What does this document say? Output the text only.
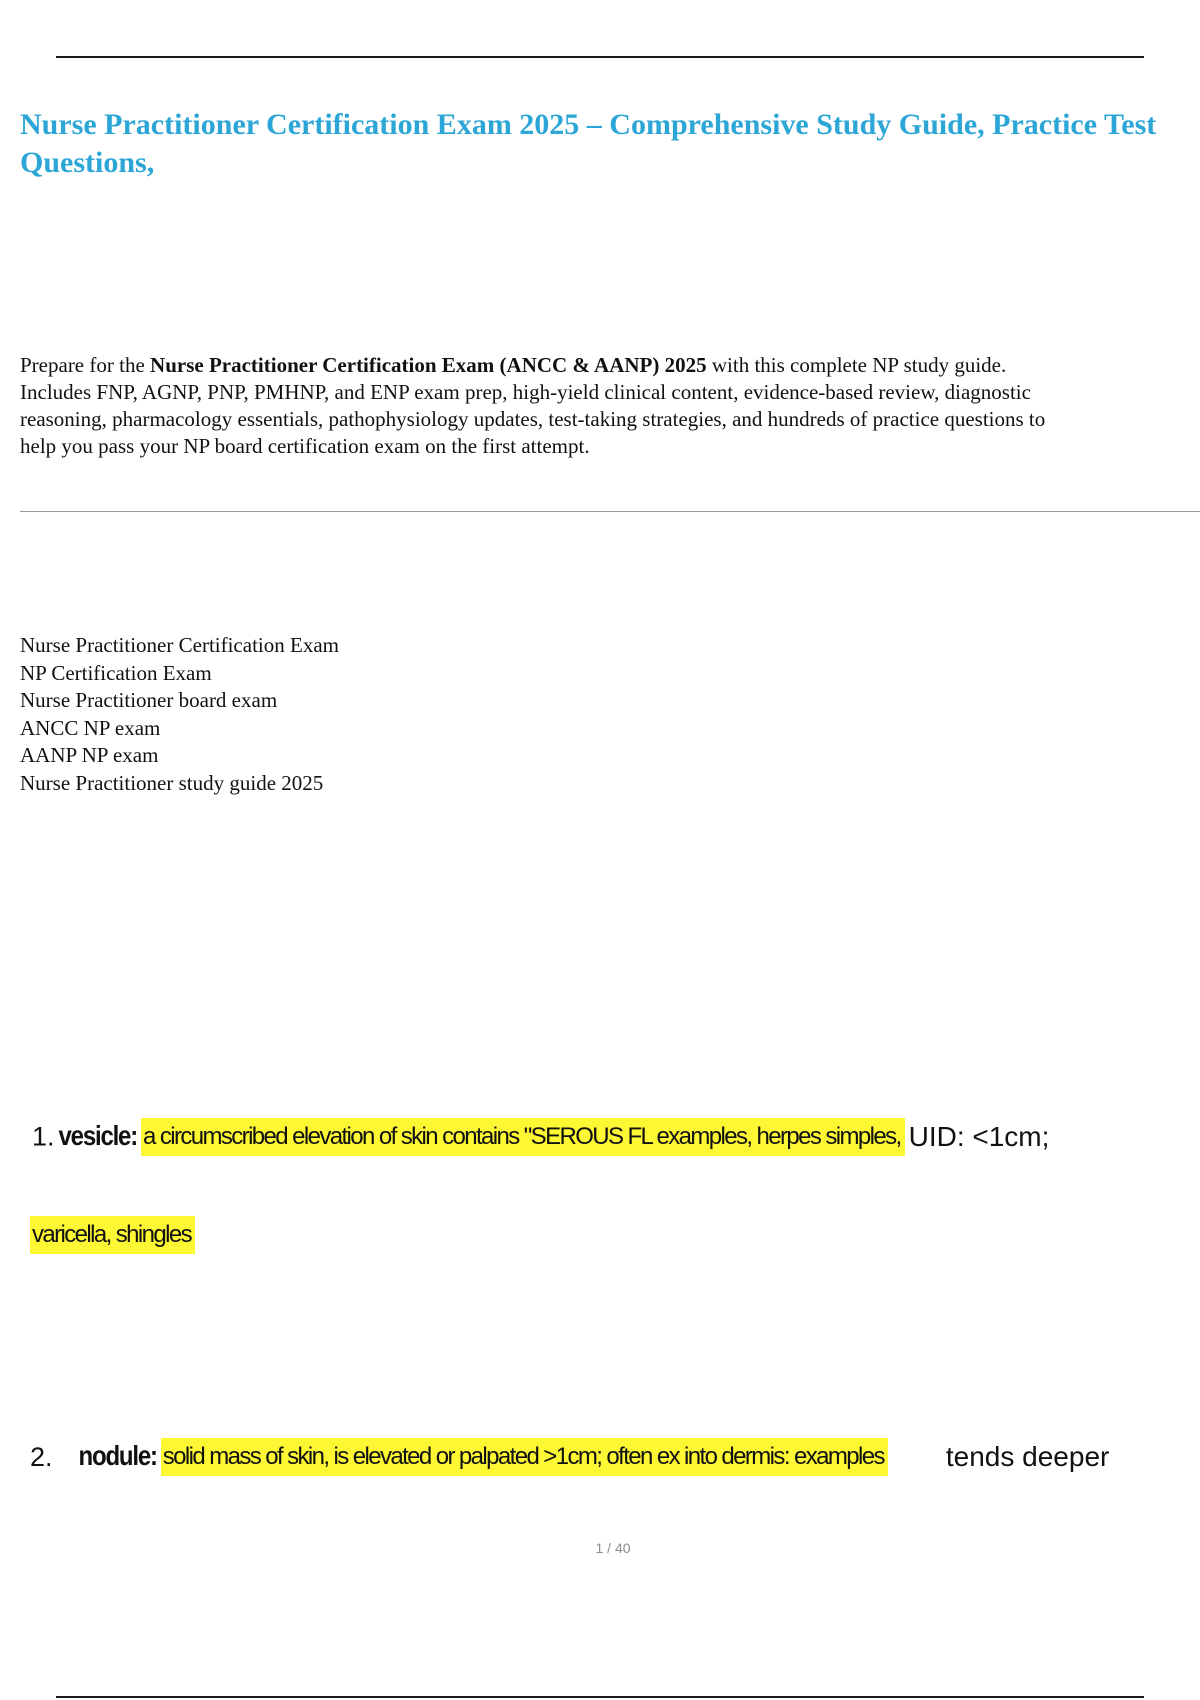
Nurse Practitioner Certification Exam 2025 – Comprehensive Study Guide, Practice Test Questions,

Prepare for the Nurse Practitioner Certification Exam (ANCC & AANP) 2025 with this complete NP study guide.
Includes FNP, AGNP, PNP, PMHNP, and ENP exam prep, high-yield clinical content, evidence-based review, diagnostic
reasoning, pharmacology essentials, pathophysiology updates, test-taking strategies, and hundreds of practice questions to
help you pass your NP board certification exam on the first attempt.

Nurse Practitioner Certification Exam
NP Certification Exam
Nurse Practitioner board exam
ANCC NP exam
AANP NP exam
Nurse Practitioner study guide 2025
1. vesicle: a circumscribed elevation of skin contains "SEROUS FL examples, herpes simples, UID: <1cm;
varicella, shingles
2. nodule: solid mass of skin, is elevated or palpated >1cm; often ex into dermis: examples tends deeper
1 / 40
